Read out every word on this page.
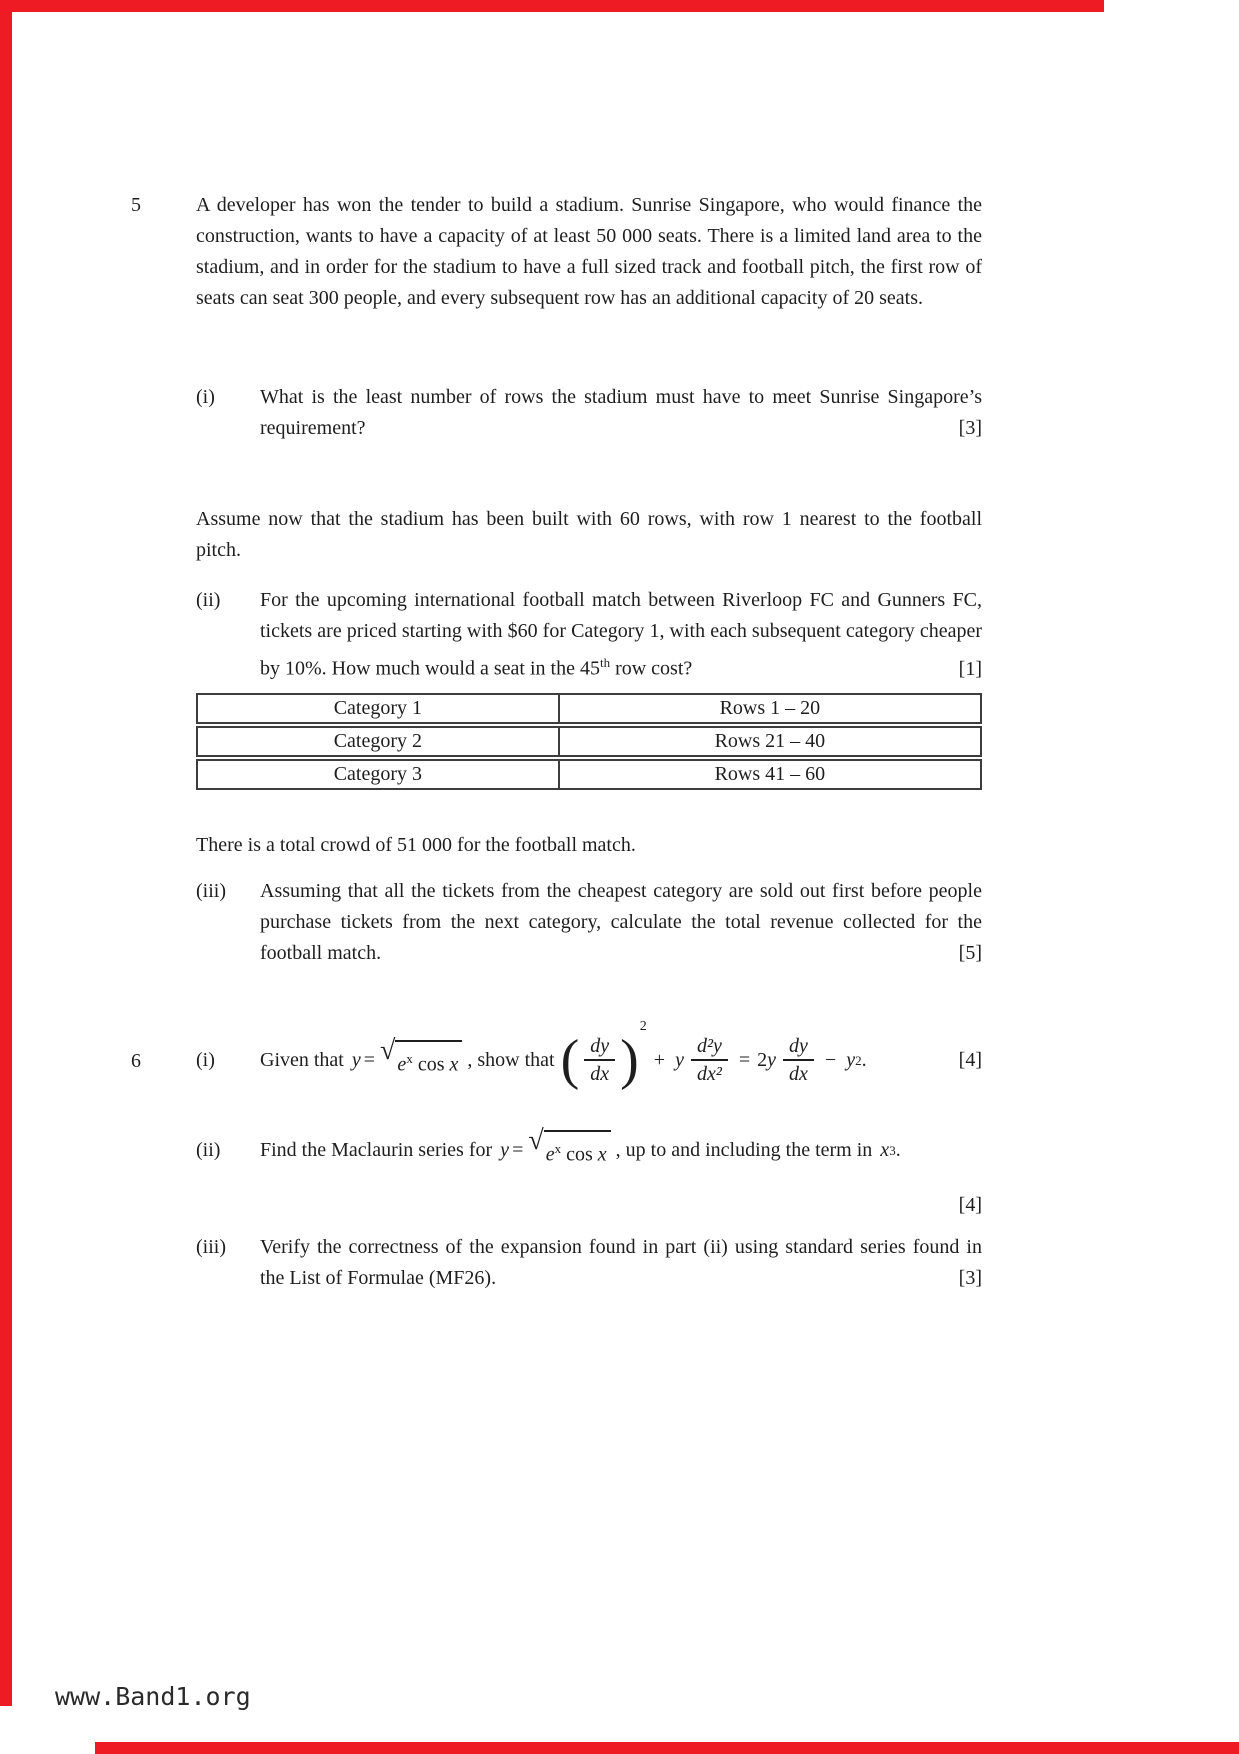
5	A developer has won the tender to build a stadium. Sunrise Singapore, who would finance the construction, wants to have a capacity of at least 50 000 seats. There is a limited land area to the stadium, and in order for the stadium to have a full sized track and football pitch, the first row of seats can seat 300 people, and every subsequent row has an additional capacity of 20 seats.
(i)	What is the least number of rows the stadium must have to meet Sunrise Singapore’s requirement?	[3]
Assume now that the stadium has been built with 60 rows, with row 1 nearest to the football pitch.
(ii)	For the upcoming international football match between Riverloop FC and Gunners FC, tickets are priced starting with $60 for Category 1, with each subsequent category cheaper by 10%. How much would a seat in the 45th row cost?	[1]
Category 1	Rows 1 – 20
Category 2	Rows 21 – 40
Category 3	Rows 41 – 60
There is a total crowd of 51 000 for the football match.
(iii)	Assuming that all the tickets from the cheapest category are sold out first before people purchase tickets from the next category, calculate the total revenue collected for the football match.	[5]
6	(i)	Given that y = √ $e^x$ cos x , show that ( $\frac{dy}{dx}$ )
2
+ y $\frac{\text{d²y}}{\text{dx²}} = 2$ y $\frac{dy}{dx} - y$ 2 .	[4]
(ii)	Find the Maclaurin series for y = √ $e^x$ cos x , up to and including the term in x 3 .
[4]
(iii)	Verify the correctness of the expansion found in part (ii) using standard series found in the List of Formulae (MF26).	[3]
www.Band1.org
